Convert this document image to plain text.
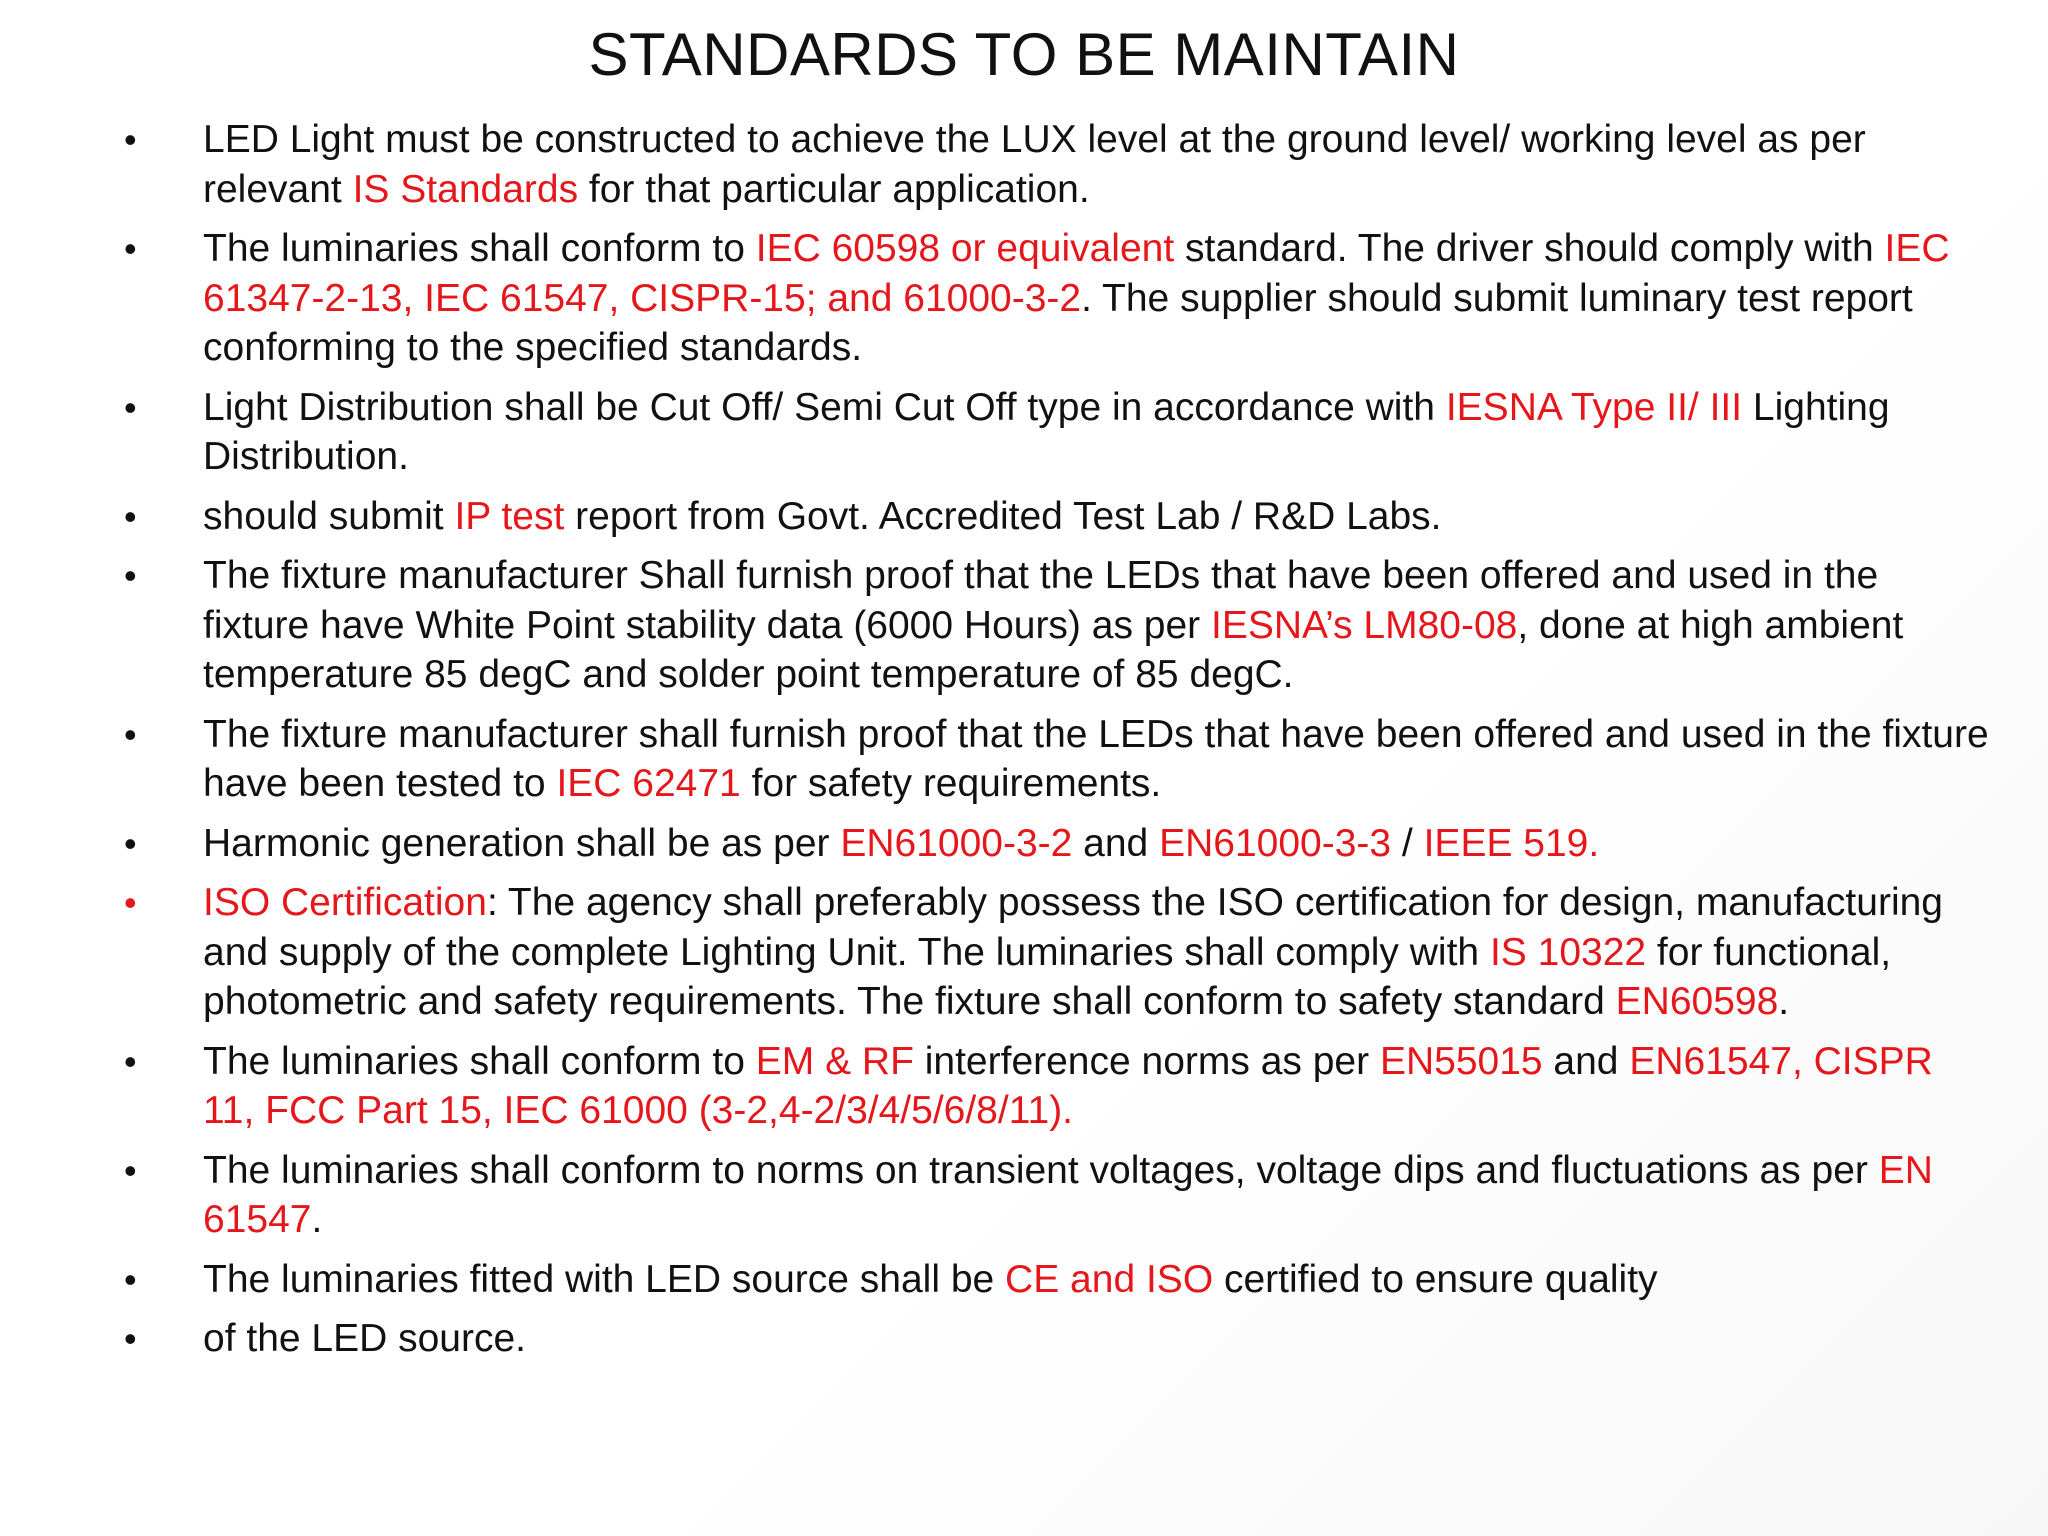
STANDARDS TO BE MAINTAIN
•	LED Light must be constructed to achieve the LUX level at the ground level/ working level as per relevant IS Standards for that particular application.
•	The luminaries shall conform to IEC 60598 or equivalent standard. The driver should comply with IEC 61347-2-13, IEC 61547, CISPR-15; and 61000-3-2. The supplier should submit luminary test report conforming to the specified standards.
•	Light Distribution shall be Cut Off/ Semi Cut Off type in accordance with IESNA Type II/ III Lighting Distribution.
•	should submit IP test report from Govt. Accredited Test Lab / R&D Labs.
•	The fixture manufacturer Shall furnish proof that the LEDs that have been offered and used in the fixture have White Point stability data (6000 Hours) as per IESNA’s LM80-08, done at high ambient temperature 85 degC and solder point temperature of 85 degC.
•	The fixture manufacturer shall furnish proof that the LEDs that have been offered and used in the fixture have been tested to IEC 62471 for safety requirements.
•	Harmonic generation shall be as per EN61000-3-2 and EN61000-3-3 / IEEE 519.
•	ISO Certification: The agency shall preferably possess the ISO certification for design, manufacturing and supply of the complete Lighting Unit. The luminaries shall comply with IS 10322 for functional, photometric and safety requirements. The fixture shall conform to safety standard EN60598.
•	The luminaries shall conform to EM & RF interference norms as per EN55015 and EN61547, CISPR 11, FCC Part 15, IEC 61000 (3-2,4-2/3/4/5/6/8/11).
•	The luminaries shall conform to norms on transient voltages, voltage dips and fluctuations as per EN 61547.
•	The luminaries fitted with LED source shall be CE and ISO certified to ensure quality
•	of the LED source.
